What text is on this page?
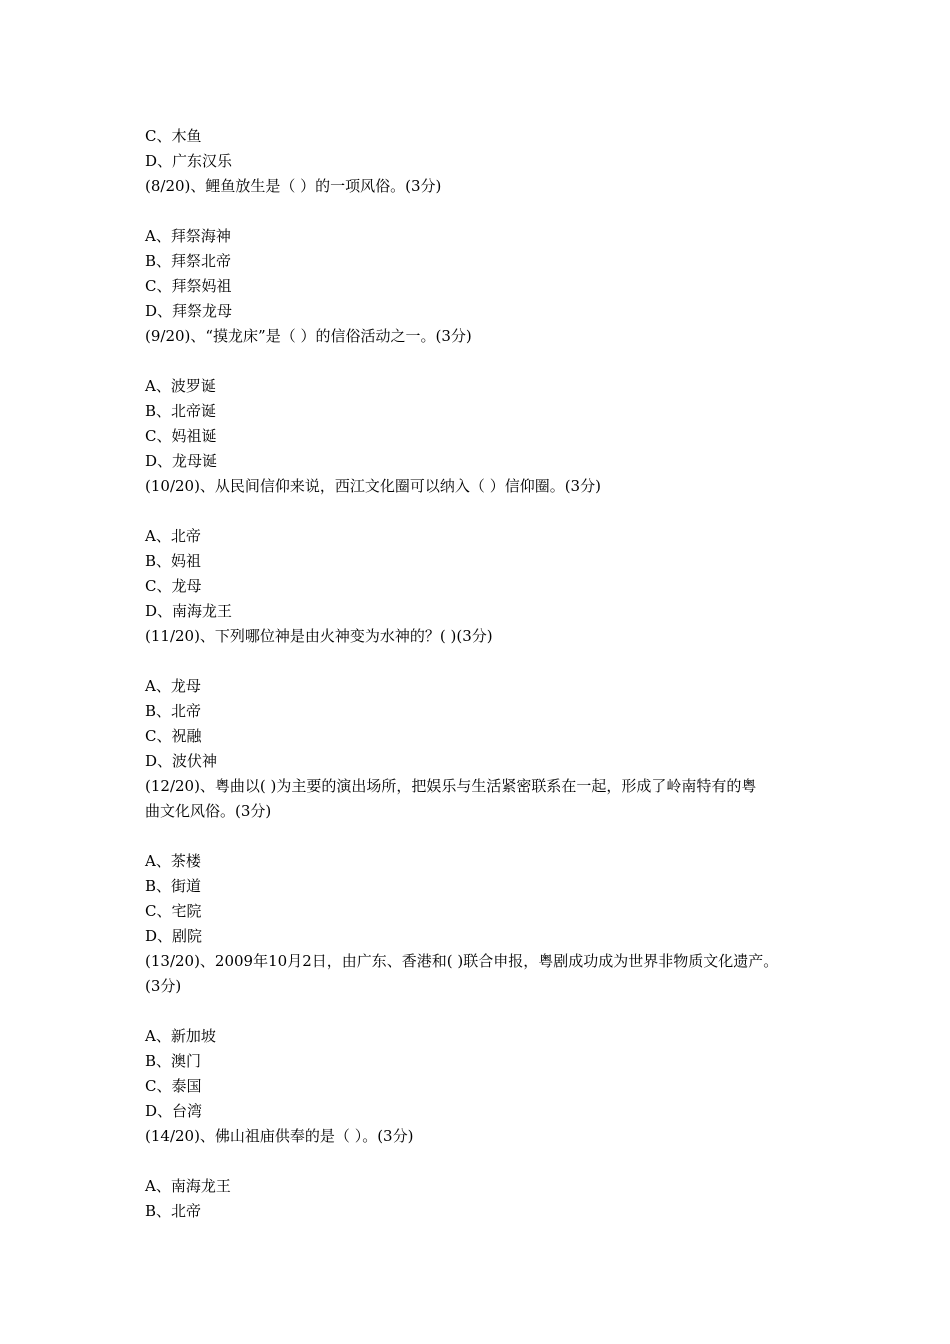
C、木鱼
D、广东汉乐
(8/20)、鲤鱼放生是（ ）的一项风俗。(3分)
A、拜祭海神
B、拜祭北帝
C、拜祭妈祖
D、拜祭龙母
(9/20)、“摸龙床”是（ ）的信俗活动之一。(3分)
A、波罗诞
B、北帝诞
C、妈祖诞
D、龙母诞
(10/20)、从民间信仰来说，西江文化圈可以纳入（ ）信仰圈。(3分)
A、北帝
B、妈祖
C、龙母
D、南海龙王
(11/20)、下列哪位神是由火神变为水神的？( )(3分)
A、龙母
B、北帝
C、祝融
D、波伏神
(12/20)、粤曲以( )为主要的演出场所，把娱乐与生活紧密联系在一起，形成了岭南特有的粤
曲文化风俗。(3分)
A、茶楼
B、街道
C、宅院
D、剧院
(13/20)、2009年10月2日，由广东、香港和( )联合申报，粤剧成功成为世界非物质文化遗产。
(3分)
A、新加坡
B、澳门
C、泰国
D、台湾
(14/20)、佛山祖庙供奉的是（ ）。(3分)
A、南海龙王
B、北帝
